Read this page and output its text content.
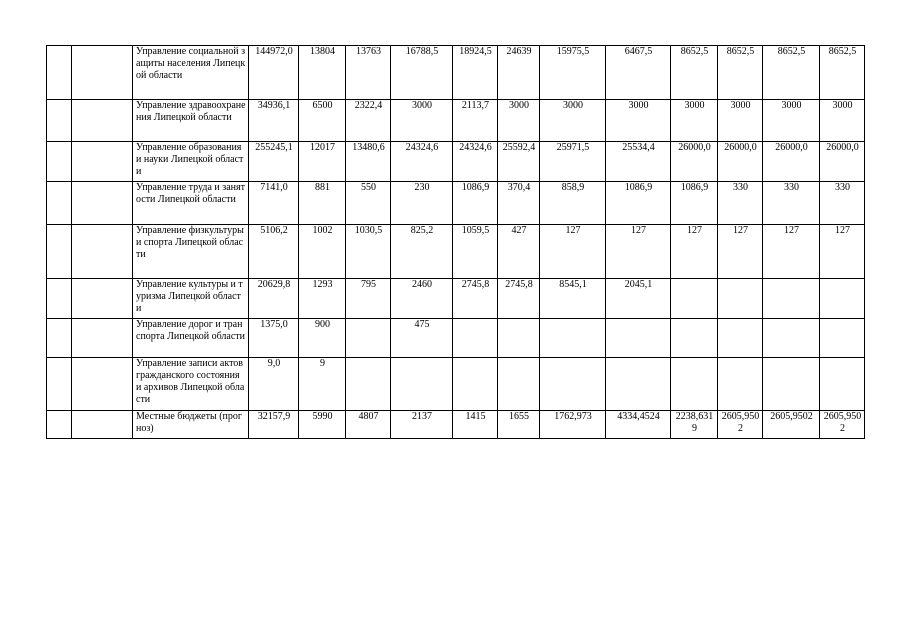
		Управление социальной защиты населения Липецкой области	144972,0	13804	13763	16788,5	18924,5	24639	15975,5	6467,5	8652,5	8652,5	8652,5	8652,5
		Управление здравоохранения Липецкой области	34936,1	6500	2322,4	3000	2113,7	3000	3000	3000	3000	3000	3000	3000
		Управление образования и науки Липецкой области	255245,1	12017	13480,6	24324,6	24324,6	25592,4	25971,5	25534,4	26000,0	26000,0	26000,0	26000,0
		Управление труда и занятости Липецкой области	7141,0	881	550	230	1086,9	370,4	858,9	1086,9	1086,9	330	330	330
		Управление физкультуры и спорта Липецкой области	5106,2	1002	1030,5	825,2	1059,5	427	127	127	127	127	127	127
		Управление культуры и туризма Липецкой области	20629,8	1293	795	2460	2745,8	2745,8	8545,1	2045,1				
		Управление дорог и транспорта Липецкой области	1375,0	900		475								
		Управление записи актов гражданского состояния и архивов Липецкой области	9,0	9										
		Местные бюджеты (прогноз)	32157,9	5990	4807	2137	1415	1655	1762,973	4334,4524	2238,6319	2605,9502	2605,9502	2605,9502
